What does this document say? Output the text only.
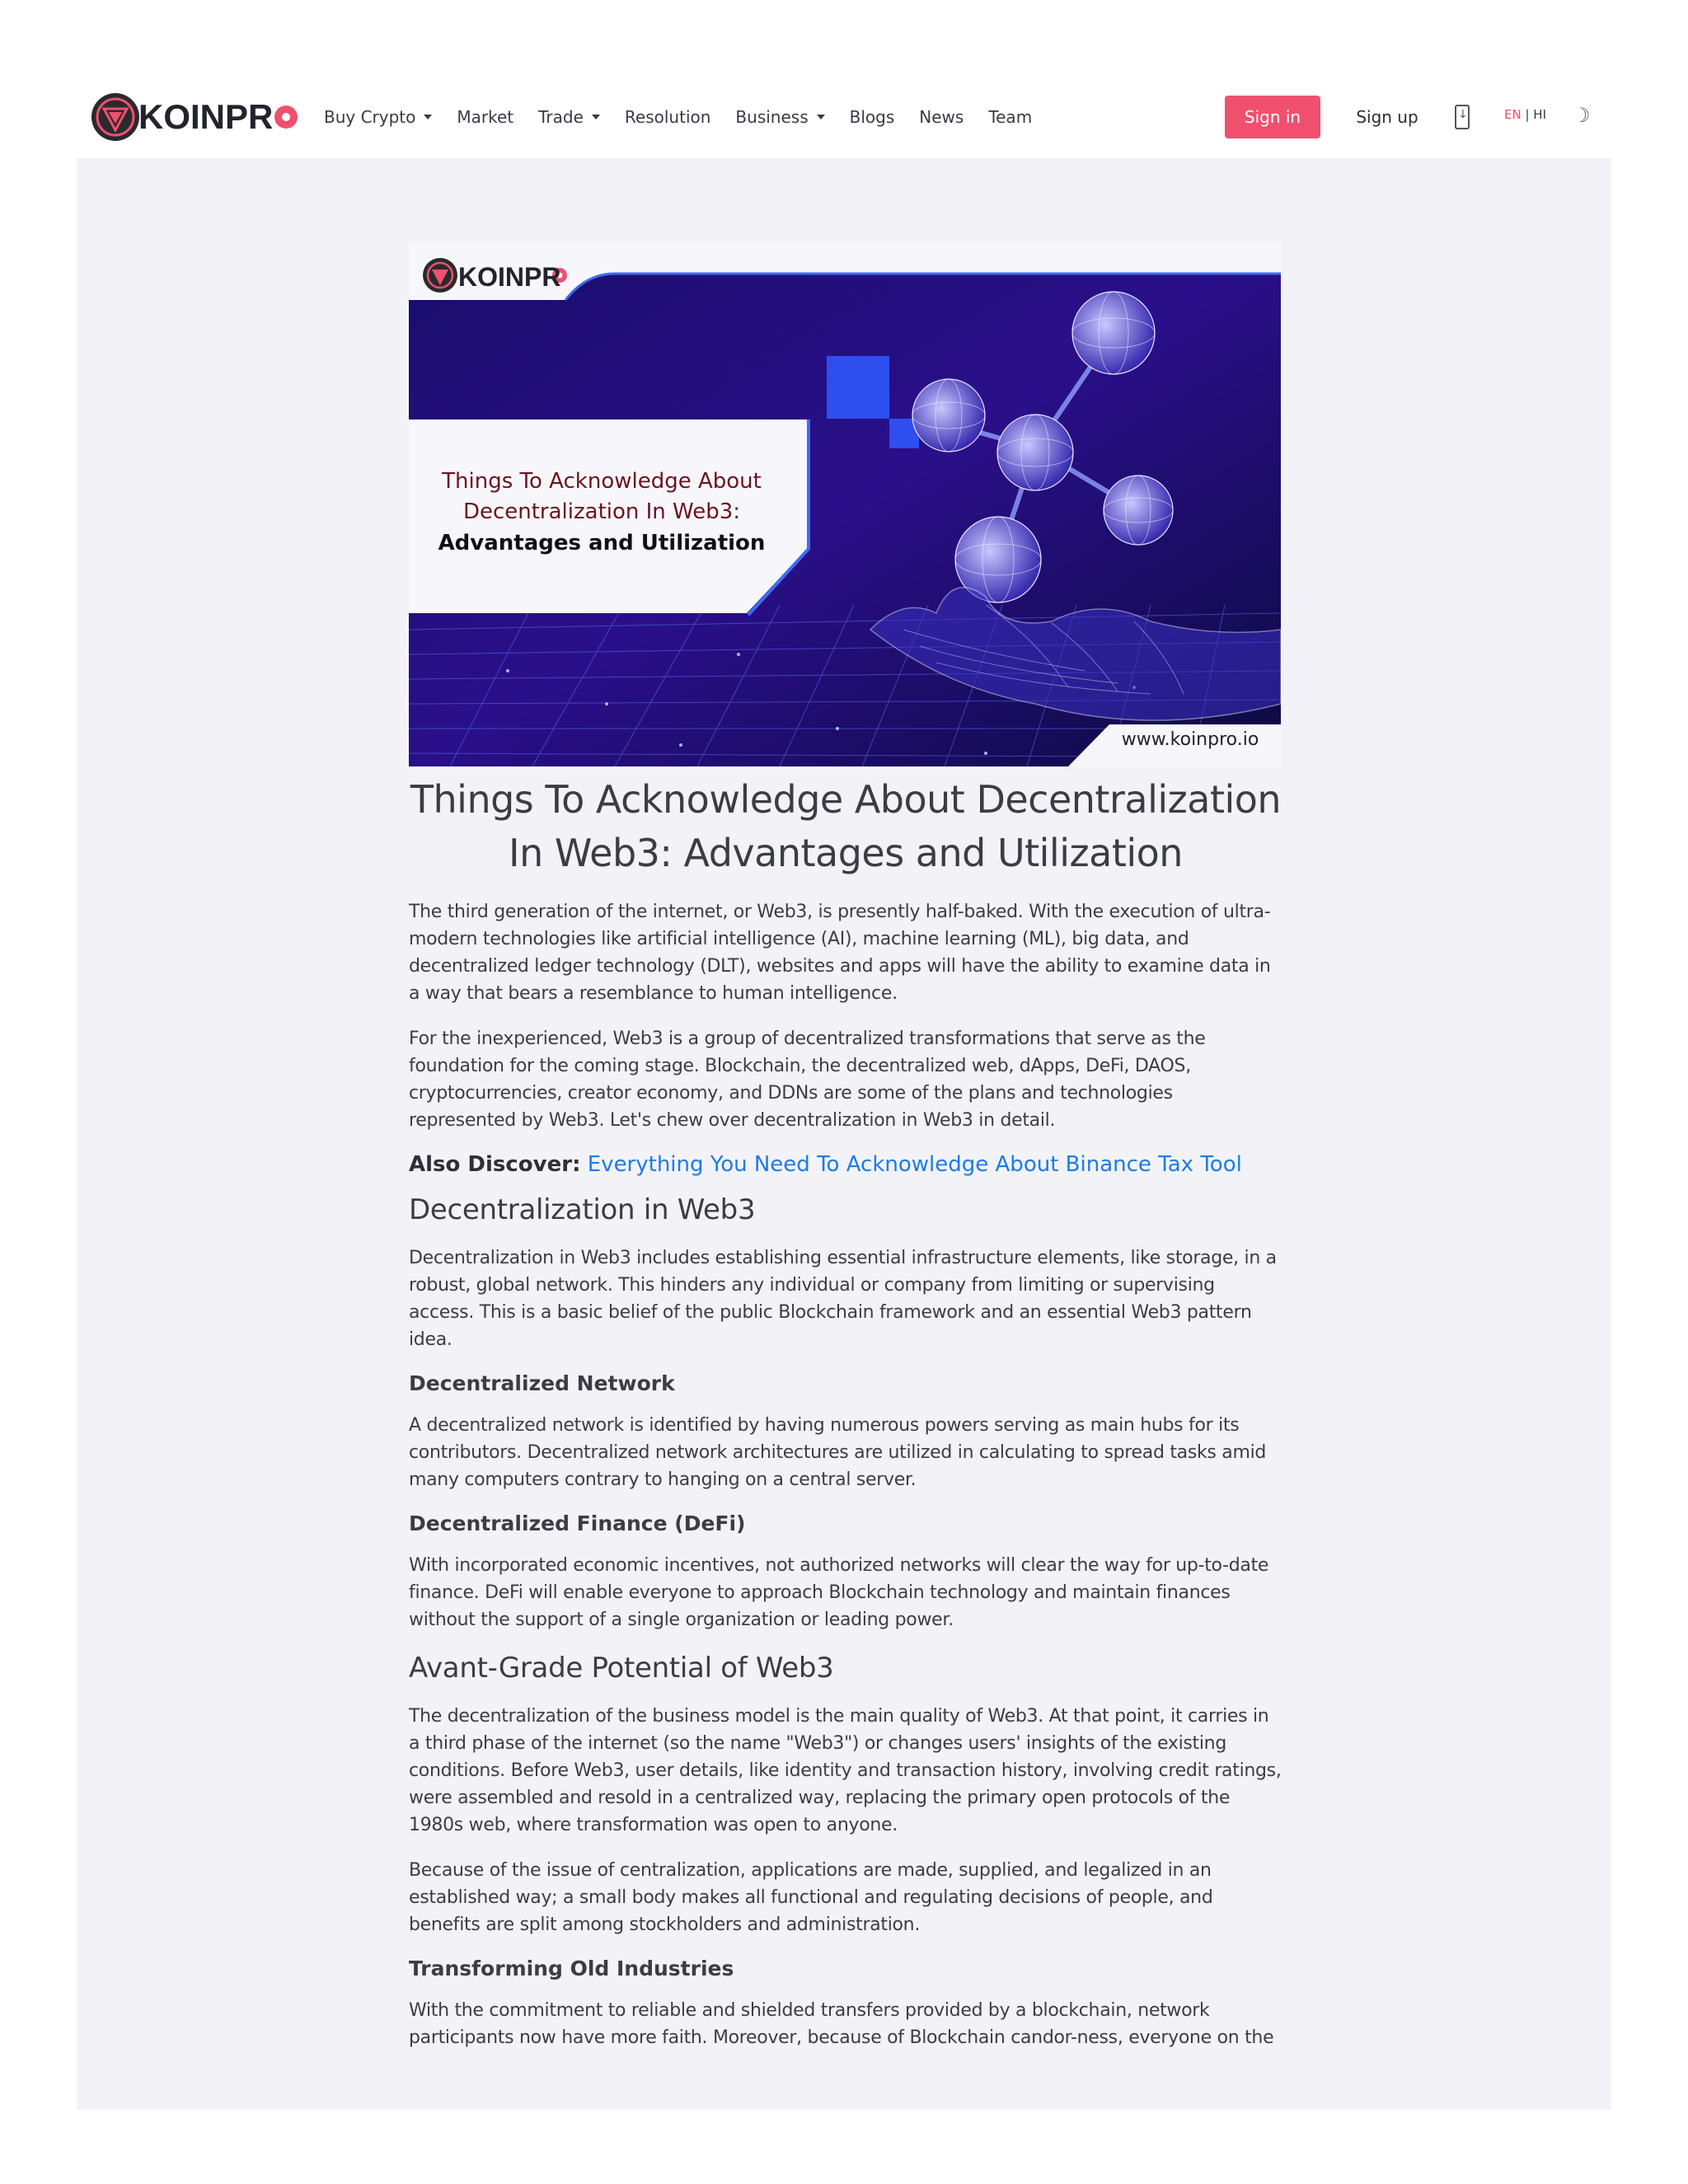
KOINPR	Buy Crypto	Market Trade	Resolution Business	Blogs News Team	Sign in	Sign up
↓	EN | HI ☽
KOINPR
Things To Acknowledge About
Decentralization In Web3:
Advantages and Utilization
www.koinpro.io
Things To Acknowledge About Decentralization In Web3: Advantages and Utilization

The third generation of the internet, or Web3, is presently half-baked. With the execution of ultra-modern technologies like artificial intelligence (AI), machine learning (ML), big data, and decentralized ledger technology (DLT), websites and apps will have the ability to examine data in a way that bears a resemblance to human intelligence.

For the inexperienced, Web3 is a group of decentralized transformations that serve as the foundation for the coming stage. Blockchain, the decentralized web, dApps, DeFi, DAOS, cryptocurrencies, creator economy, and DDNs are some of the plans and technologies represented by Web3. Let's chew over decentralization in Web3 in detail.

Also Discover: Everything You Need To Acknowledge About Binance Tax Tool

Decentralization in Web3

Decentralization in Web3 includes establishing essential infrastructure elements, like storage, in a robust, global network. This hinders any individual or company from limiting or supervising access. This is a basic belief of the public Blockchain framework and an essential Web3 pattern idea.

Decentralized Network

A decentralized network is identified by having numerous powers serving as main hubs for its contributors. Decentralized network architectures are utilized in calculating to spread tasks amid many computers contrary to hanging on a central server.

Decentralized Finance (DeFi)

With incorporated economic incentives, not authorized networks will clear the way for up-to-date finance. DeFi will enable everyone to approach Blockchain technology and maintain finances without the support of a single organization or leading power.

Avant-Grade Potential of Web3

The decentralization of the business model is the main quality of Web3. At that point, it carries in a third phase of the internet (so the name "Web3") or changes users' insights of the existing conditions. Before Web3, user details, like identity and transaction history, involving credit ratings, were assembled and resold in a centralized way, replacing the primary open protocols of the 1980s web, where transformation was open to anyone.

Because of the issue of centralization, applications are made, supplied, and legalized in an established way; a small body makes all functional and regulating decisions of people, and benefits are split among stockholders and administration.

Transforming Old Industries

With the commitment to reliable and shielded transfers provided by a blockchain, network participants now have more faith. Moreover, because of Blockchain candor-ness, everyone on the
